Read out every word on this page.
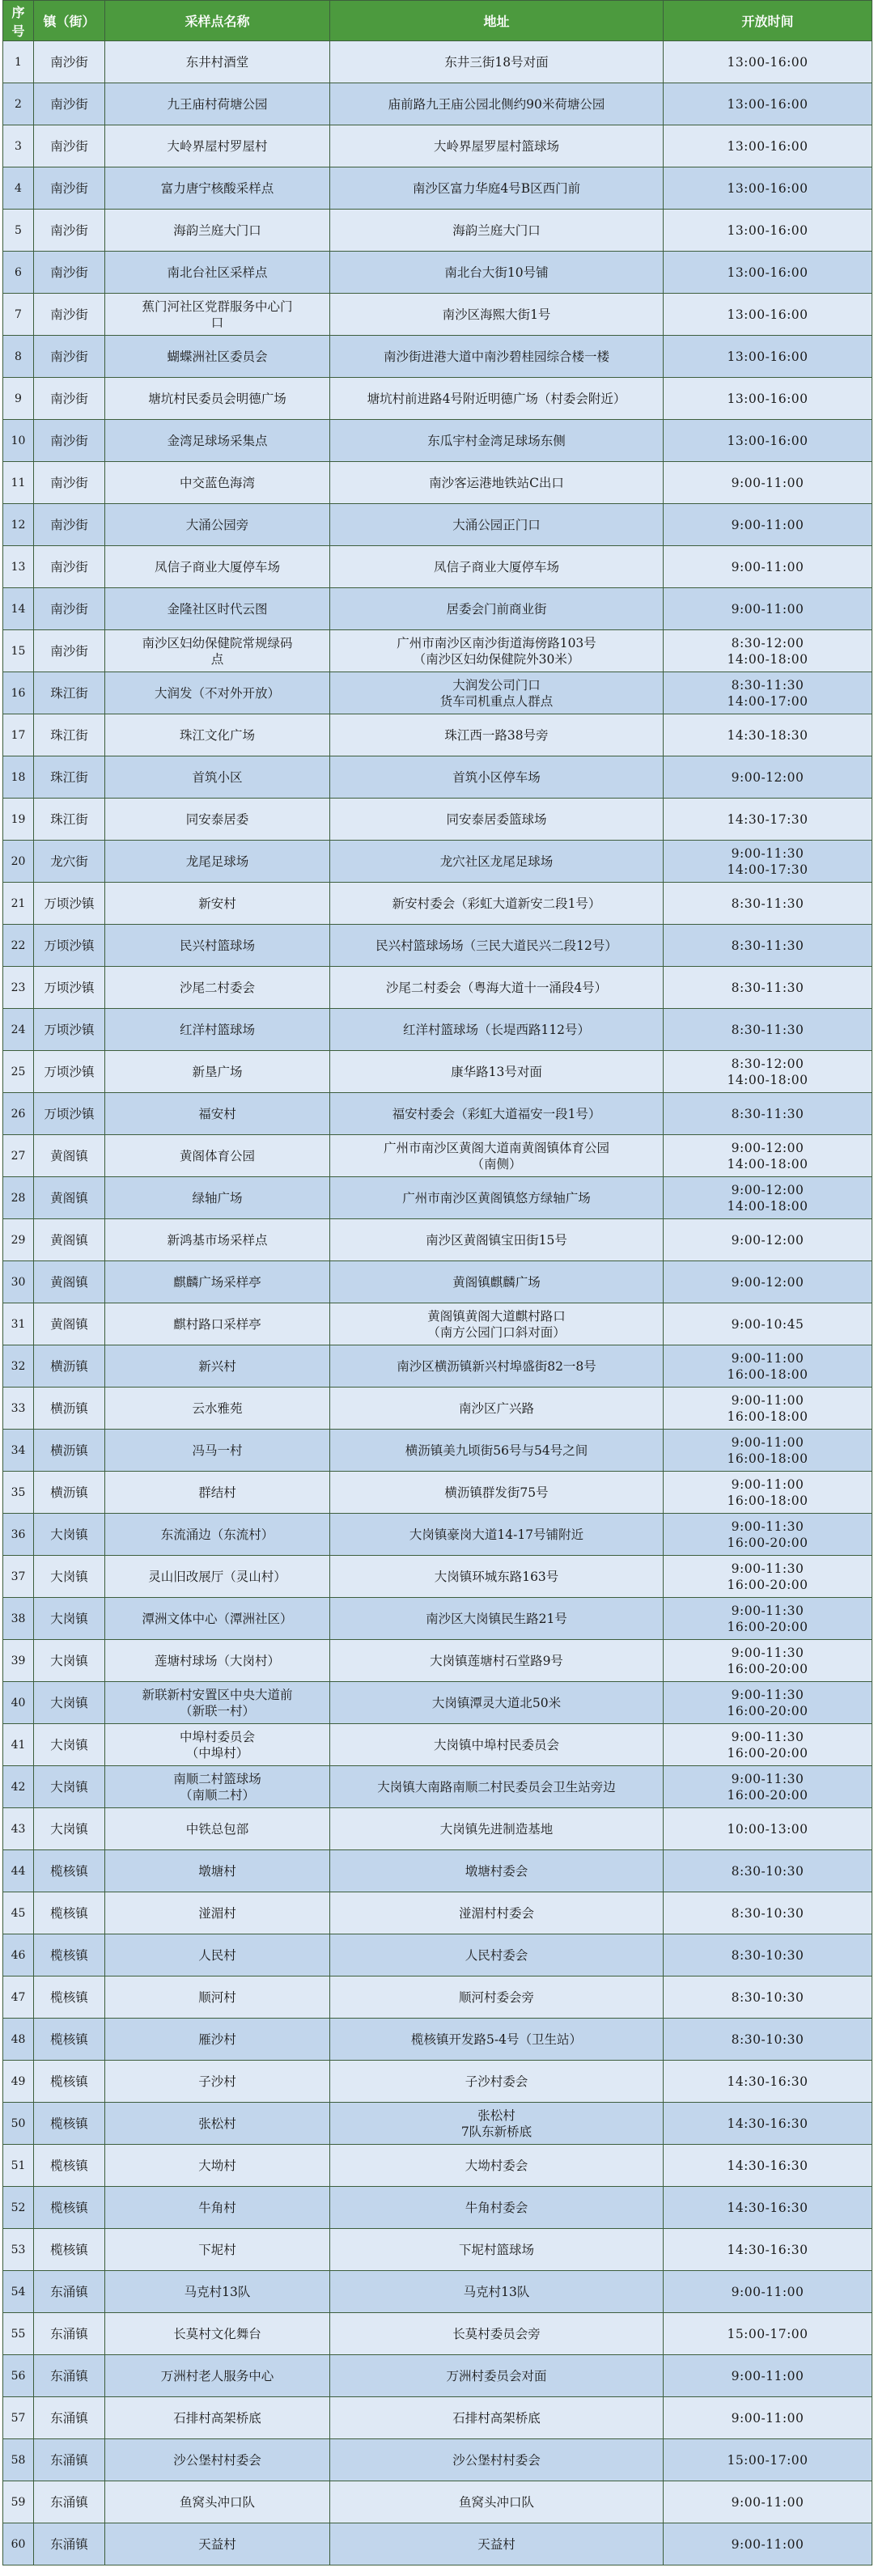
序号	镇（街）	采样点名称	地址	开放时间
1	南沙街	东井村酒堂	东井三街18号对面	13:00-16:00

2	南沙街	九王庙村荷塘公园	庙前路九王庙公园北侧约90米荷塘公园	13:00-16:00

3	南沙街	大岭界屋村罗屋村	大岭界屋罗屋村篮球场	13:00-16:00

4	南沙街	富力唐宁核酸采样点	南沙区富力华庭4号B区西门前	13:00-16:00

5	南沙街	海韵兰庭大门口	海韵兰庭大门口	13:00-16:00

6	南沙街	南北台社区采样点	南北台大街10号铺	13:00-16:00

7	南沙街	蕉门河社区党群服务中心门
口	南沙区海熙大街1号	13:00-16:00

8	南沙街	蝴蝶洲社区委员会	南沙街进港大道中南沙碧桂园综合楼一楼	13:00-16:00

9	南沙街	塘坑村民委员会明德广场	塘坑村前进路4号附近明德广场（村委会附近）	13:00-16:00

10	南沙街	金湾足球场采集点	东瓜宇村金湾足球场东侧	13:00-16:00

11	南沙街	中交蓝色海湾	南沙客运港地铁站C出口	9:00-11:00

12	南沙街	大涌公园旁	大涌公园正门口	9:00-11:00

13	南沙街	凤信子商业大厦停车场	凤信子商业大厦停车场	9:00-11:00

14	南沙街	金隆社区时代云图	居委会门前商业街	9:00-11:00

15	南沙街	南沙区妇幼保健院常规绿码
点	广州市南沙区南沙街道海傍路103号
（南沙区妇幼保健院外30米）	8:30-12:00
14:00-18:00

16	珠江街	大润发（不对外开放）	大润发公司门口
货车司机重点人群点	8:30-11:30
14:00-17:00

17	珠江街	珠江文化广场	珠江西一路38号旁	14:30-18:30

18	珠江街	首筑小区	首筑小区停车场	9:00-12:00

19	珠江街	同安泰居委	同安泰居委篮球场	14:30-17:30

20	龙穴街	龙尾足球场	龙穴社区龙尾足球场	9:00-11:30
14:00-17:30

21	万顷沙镇	新安村	新安村委会（彩虹大道新安二段1号）	8:30-11:30

22	万顷沙镇	民兴村篮球场	民兴村篮球场场（三民大道民兴二段12号）	8:30-11:30

23	万顷沙镇	沙尾二村委会	沙尾二村委会（粤海大道十一涌段4号）	8:30-11:30

24	万顷沙镇	红洋村篮球场	红洋村篮球场（长堤西路112号）	8:30-11:30

25	万顷沙镇	新垦广场	康华路13号对面	8:30-12:00
14:00-18:00

26	万顷沙镇	福安村	福安村委会（彩虹大道福安一段1号）	8:30-11:30

27	黄阁镇	黄阁体育公园	广州市南沙区黄阁大道南黄阁镇体育公园
（南侧）	9:00-12:00
14:00-18:00

28	黄阁镇	绿轴广场	广州市南沙区黄阁镇悠方绿轴广场	9:00-12:00
14:00-18:00

29	黄阁镇	新鸿基市场采样点	南沙区黄阁镇宝田街15号	9:00-12:00

30	黄阁镇	麒麟广场采样亭	黄阁镇麒麟广场	9:00-12:00

31	黄阁镇	麒村路口采样亭	黄阁镇黄阁大道麒村路口
（南方公园门口斜对面）	9:00-10:45

32	横沥镇	新兴村	南沙区横沥镇新兴村埠盛街82一8号	9:00-11:00
16:00-18:00

33	横沥镇	云水雅苑	南沙区广兴路	9:00-11:00
16:00-18:00

34	横沥镇	冯马一村	横沥镇美九顷街56号与54号之间	9:00-11:00
16:00-18:00

35	横沥镇	群结村	横沥镇群发街75号	9:00-11:00
16:00-18:00

36	大岗镇	东流涌边（东流村）	大岗镇豪岗大道14-17号铺附近	9:00-11:30
16:00-20:00

37	大岗镇	灵山旧改展厅（灵山村）	大岗镇环城东路163号	9:00-11:30
16:00-20:00

38	大岗镇	潭洲文体中心（潭洲社区）	南沙区大岗镇民生路21号	9:00-11:30
16:00-20:00

39	大岗镇	莲塘村球场（大岗村）	大岗镇莲塘村石堂路9号	9:00-11:30
16:00-20:00

40	大岗镇	新联新村安置区中央大道前
（新联一村）	大岗镇潭灵大道北50米	9:00-11:30
16:00-20:00

41	大岗镇	中埠村委员会
（中埠村）	大岗镇中埠村民委员会	9:00-11:30
16:00-20:00

42	大岗镇	南顺二村篮球场
（南顺二村）	大岗镇大南路南顺二村民委员会卫生站旁边	9:00-11:30
16:00-20:00

43	大岗镇	中铁总包部	大岗镇先进制造基地	10:00-13:00

44	榄核镇	墩塘村	墩塘村委会	8:30-10:30

45	榄核镇	湴湄村	湴湄村村委会	8:30-10:30

46	榄核镇	人民村	人民村委会	8:30-10:30

47	榄核镇	顺河村	顺河村委会旁	8:30-10:30

48	榄核镇	雁沙村	榄核镇开发路5-4号（卫生站）	8:30-10:30

49	榄核镇	子沙村	子沙村委会	14:30-16:30

50	榄核镇	张松村	张松村
7队东新桥底	14:30-16:30

51	榄核镇	大坳村	大坳村委会	14:30-16:30

52	榄核镇	牛角村	牛角村委会	14:30-16:30

53	榄核镇	下坭村	下坭村篮球场	14:30-16:30

54	东涌镇	马克村13队	马克村13队	9:00-11:00

55	东涌镇	长莫村文化舞台	长莫村委员会旁	15:00-17:00

56	东涌镇	万洲村老人服务中心	万洲村委员会对面	9:00-11:00

57	东涌镇	石排村高架桥底	石排村高架桥底	9:00-11:00

58	东涌镇	沙公堡村村委会	沙公堡村村委会	15:00-17:00

59	东涌镇	鱼窝头冲口队	鱼窝头冲口队	9:00-11:00

60	东涌镇	天益村	天益村	9:00-11:00
